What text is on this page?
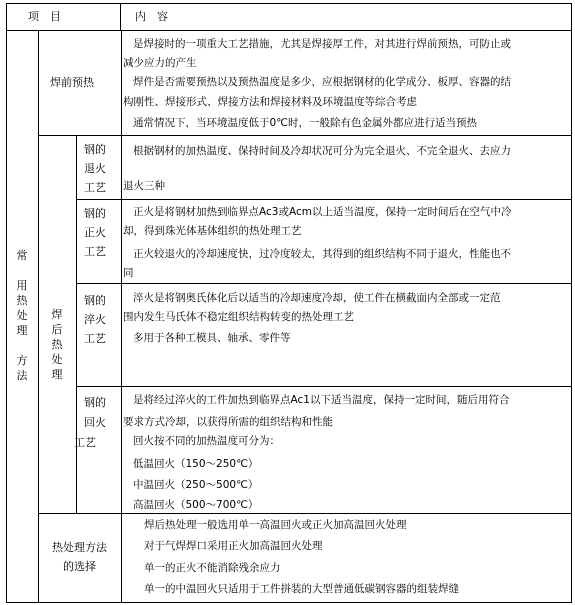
项　目	内　容
常
用
热
处
理
方
法
焊前预热
是焊接时的一项重大工艺措施，尤其是焊接厚工件，对其进行焊前预热，可防止或
减少应力的产生
焊件是否需要预热以及预热温度是多少，应根据钢材的化学成分、板厚、容器的结
构刚性、焊接形式、焊接方法和焊接材料及环境温度等综合考虑
通常情况下，当环境温度低于0℃时，一般除有色金属外都应进行适当预热
焊
后
热
处
理
钢的
退火
工艺
根据钢材的加热温度、保持时间及冷却状况可分为完全退火、不完全退火、去应力
退火三种
钢的
正火
工艺
正火是将钢材加热到临界点Ac3或Acm以上适当温度，保持一定时间后在空气中冷
却，得到珠光体基体组织的热处理工艺
正火较退火的冷却速度快，过冷度较太，其得到的组织结构不同于退火，性能也不
同
钢的
淬火
工艺
淬火是将钢奥氏体化后以适当的冷却速度冷却，使工件在横截面内全部或一定范
围内发生马氏体不稳定组织结构转变的热处理工艺
多用于各种工模具、轴承、零件等
钢的
回火
工艺
是将经过淬火的工件加热到临界点Ac1以下适当温度，保持一定时间，随后用符合
要求方式冷却，以获得所需的组织结构和性能
回火按不同的加热温度可分为：
低温回火（150～250℃）
中温回火（250～500℃）
高温回火（500～700℃）
热处理方法
的选择
焊后热处理一般选用单一高温回火或正火加高温回火处理
对于气焊焊口采用正火加高温回火处理
单一的正火不能消除残余应力
单一的中温回火只适用于工件拼装的大型普通低碳钢容器的组装焊缝
